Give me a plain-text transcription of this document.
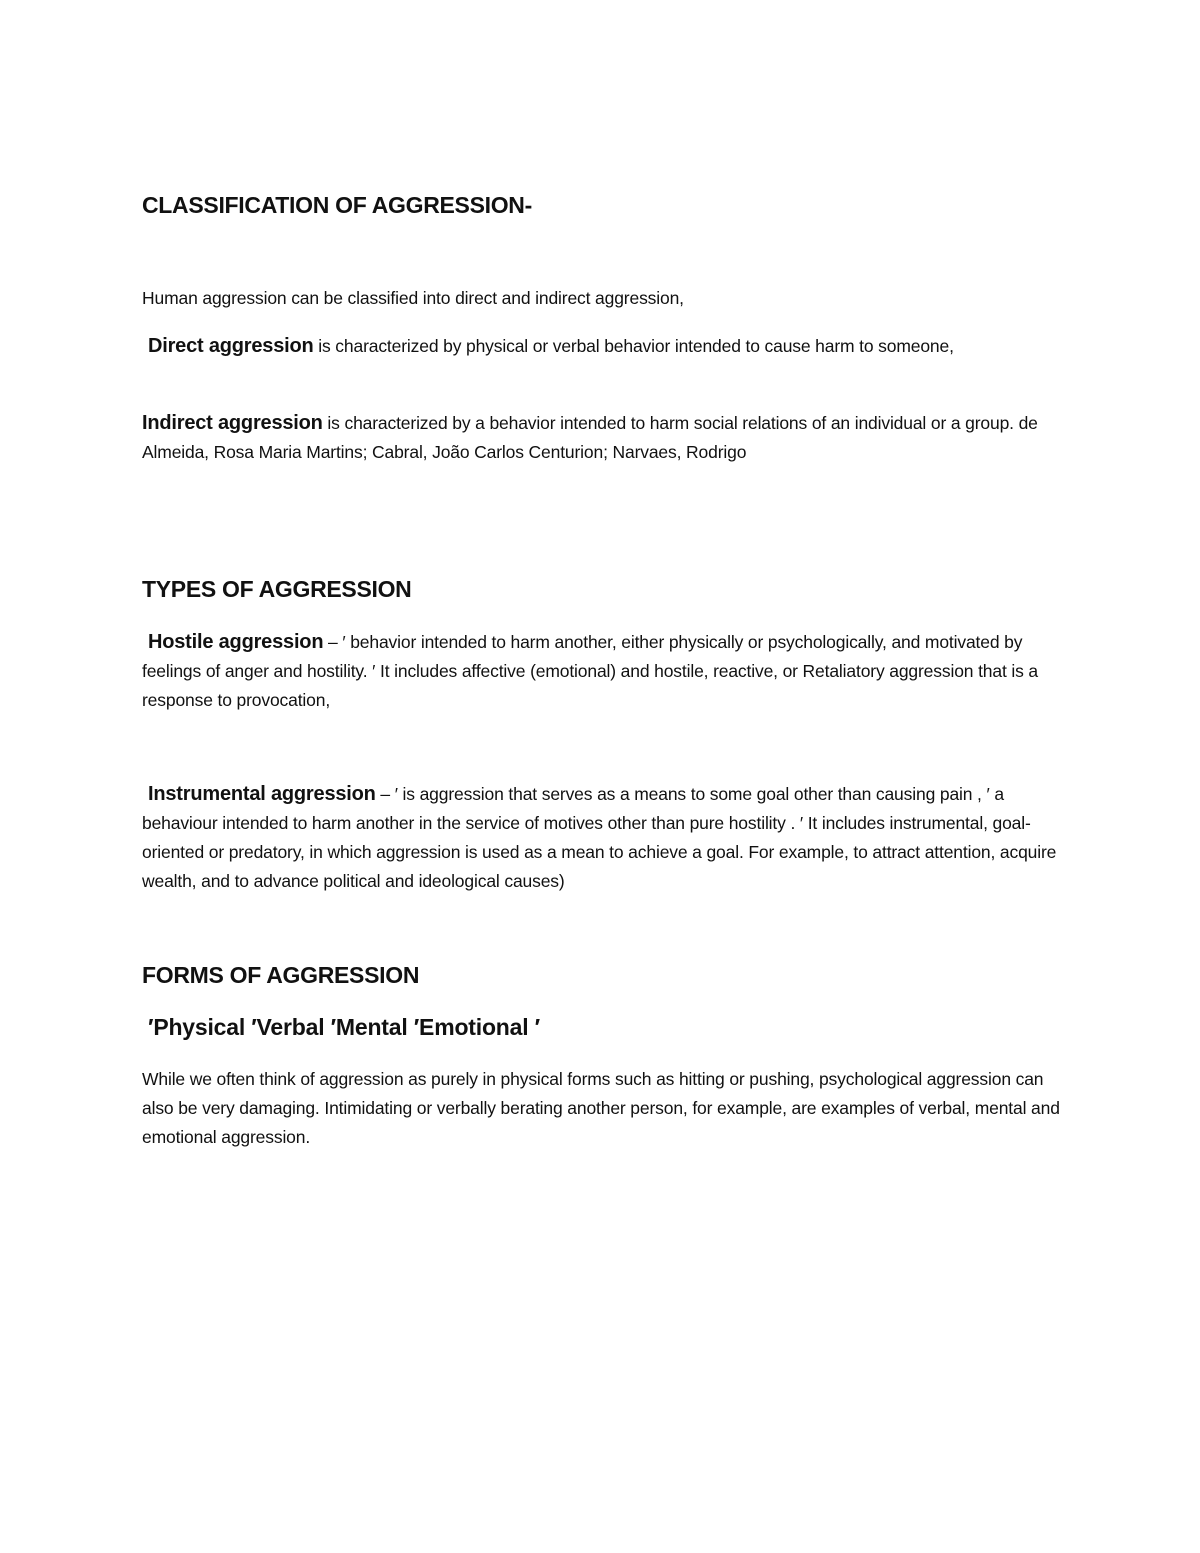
CLASSIFICATION OF AGGRESSION-

Human aggression can be classified into direct and indirect aggression,

Direct aggression is characterized by physical or verbal behavior intended to cause harm to someone,

Indirect aggression is characterized by a behavior intended to harm social relations of an individual or a group. de Almeida, Rosa Maria Martins; Cabral, João Carlos Centurion; Narvaes, Rodrigo

TYPES OF AGGRESSION

Hostile aggression – ′ behavior intended to harm another, either physically or psychologically, and motivated by feelings of anger and hostility. ′ It includes affective (emotional) and hostile, reactive, or Retaliatory aggression that is a response to provocation,

Instrumental aggression – ′ is aggression that serves as a means to some goal other than causing pain , ′ a behaviour intended to harm another in the service of motives other than pure hostility . ′ It includes instrumental, goal-oriented or predatory, in which aggression is used as a mean to achieve a goal. For example, to attract attention, acquire wealth, and to advance political and ideological causes)

FORMS OF AGGRESSION

′Physical ′Verbal ′Mental ′Emotional ′

While we often think of aggression as purely in physical forms such as hitting or pushing, psychological aggression can also be very damaging. Intimidating or verbally berating another person, for example, are examples of verbal, mental and emotional aggression.
